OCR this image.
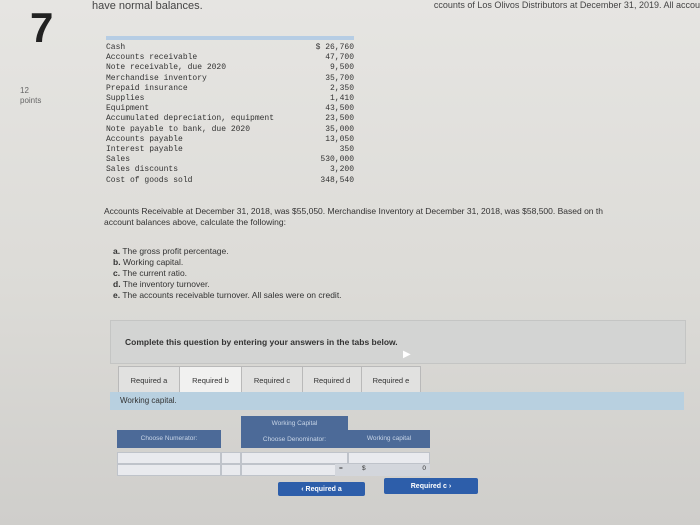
have normal balances.	ccounts of Los Olivos Distributors at December 31, 2019. All accou
7
12
points
Cash	$ 26,760
Accounts receivable	47,700
Note receivable, due 2020	9,500
Merchandise inventory	35,700
Prepaid insurance	2,350
Supplies	1,410
Equipment	43,500
Accumulated depreciation, equipment	23,500
Note payable to bank, due 2020	35,000
Accounts payable	13,050
Interest payable	350
Sales	530,000
Sales discounts	3,200
Cost of goods sold	348,540
Accounts Receivable at December 31, 2018, was $55,050. Merchandise Inventory at December 31, 2018, was $58,500. Based on th
account balances above, calculate the following:
a. The gross profit percentage.
b. Working capital.
c. The current ratio.
d. The inventory turnover.
e. The accounts receivable turnover. All sales were on credit.
Complete this question by entering your answers in the tabs below.
▶
Required a	Required b	Required c	Required d	Required e
Working capital.
Choose Numerator:
Working Capital
Choose Denominator:	Working capital
=	$	0
‹
Required a	Required c
›
